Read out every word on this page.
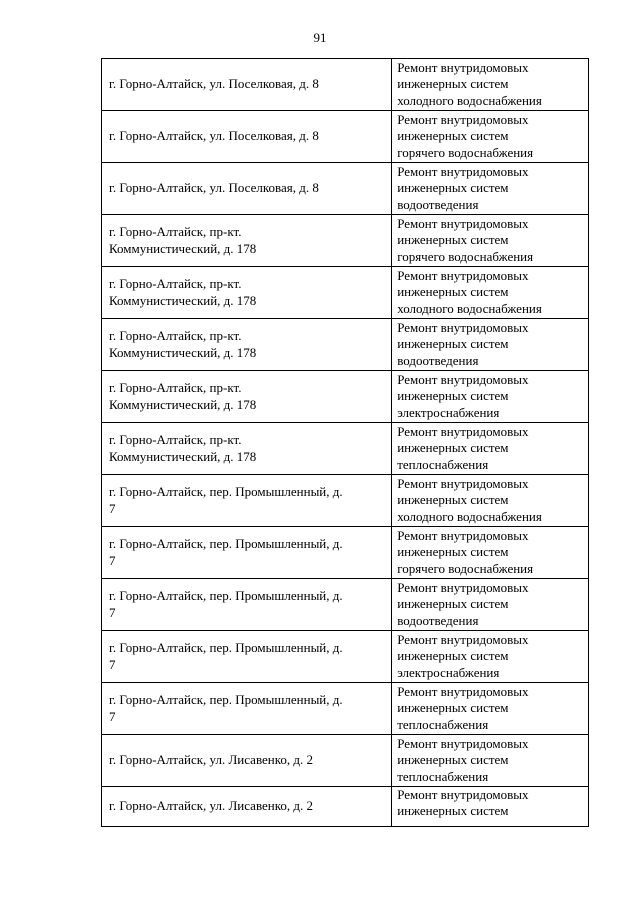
91
г. Горно-Алтайск, ул. Поселковая, д. 8	Ремонт внутридомовых
инженерных систем
холодного водоснабжения

г. Горно-Алтайск, ул. Поселковая, д. 8	Ремонт внутридомовых
инженерных систем
горячего водоснабжения

г. Горно-Алтайск, ул. Поселковая, д. 8	Ремонт внутридомовых
инженерных систем
водоотведения

г. Горно-Алтайск, пр-кт.
Коммунистический, д. 178	Ремонт внутридомовых
инженерных систем
горячего водоснабжения

г. Горно-Алтайск, пр-кт.
Коммунистический, д. 178	Ремонт внутридомовых
инженерных систем
холодного водоснабжения

г. Горно-Алтайск, пр-кт.
Коммунистический, д. 178	Ремонт внутридомовых
инженерных систем
водоотведения

г. Горно-Алтайск, пр-кт.
Коммунистический, д. 178	Ремонт внутридомовых
инженерных систем
электроснабжения

г. Горно-Алтайск, пр-кт.
Коммунистический, д. 178	Ремонт внутридомовых
инженерных систем
теплоснабжения

г. Горно-Алтайск, пер. Промышленный, д.
7	Ремонт внутридомовых
инженерных систем
холодного водоснабжения

г. Горно-Алтайск, пер. Промышленный, д.
7	Ремонт внутридомовых
инженерных систем
горячего водоснабжения

г. Горно-Алтайск, пер. Промышленный, д.
7	Ремонт внутридомовых
инженерных систем
водоотведения

г. Горно-Алтайск, пер. Промышленный, д.
7	Ремонт внутридомовых
инженерных систем
электроснабжения

г. Горно-Алтайск, пер. Промышленный, д.
7	Ремонт внутридомовых
инженерных систем
теплоснабжения

г. Горно-Алтайск, ул. Лисавенко, д. 2	Ремонт внутридомовых
инженерных систем
теплоснабжения

г. Горно-Алтайск, ул. Лисавенко, д. 2	Ремонт внутридомовых
инженерных систем
